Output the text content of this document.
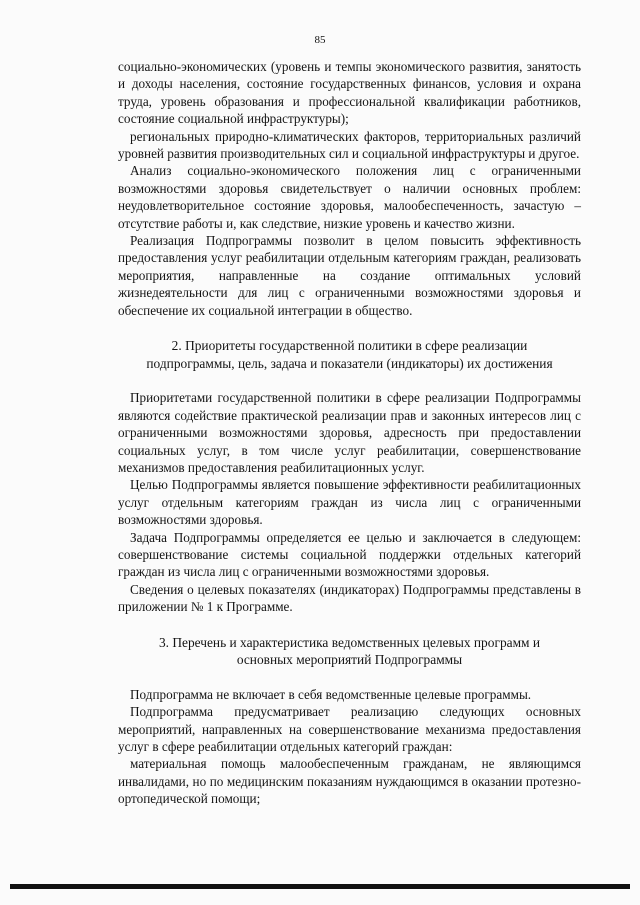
85

социально-экономических (уровень и темпы экономического развития, занятость и доходы населения, состояние государственных финансов, условия и охрана труда, уровень образования и профессиональной квалификации работников, состояние социальной инфраструктуры);

региональных природно-климатических факторов, территориальных различий уровней развития производительных сил и социальной инфраструктуры и другое.

Анализ социально-экономического положения лиц с ограниченными возможностями здоровья свидетельствует о наличии основных проблем: неудовлетворительное состояние здоровья, малообеспеченность, зачастую – отсутствие работы и, как следствие, низкие уровень и качество жизни.

Реализация Подпрограммы позволит в целом повысить эффективность предоставления услуг реабилитации отдельным категориям граждан, реализовать мероприятия, направленные на создание оптимальных условий жизнедеятельности для лиц с ограниченными возможностями здоровья и обеспечение их социальной интеграции в общество.

2. Приоритеты государственной политики в сфере реализации
подпрограммы, цель, задача и показатели (индикаторы) их достижения

Приоритетами государственной политики в сфере реализации Подпрограммы являются содействие практической реализации прав и законных интересов лиц с ограниченными возможностями здоровья, адресность при предоставлении социальных услуг, в том числе услуг реабилитации, совершенствование механизмов предоставления реабилитационных услуг.

Целью Подпрограммы является повышение эффективности реабилитационных услуг отдельным категориям граждан из числа лиц с ограниченными возможностями здоровья.

Задача Подпрограммы определяется ее целью и заключается в следующем: совершенствование системы социальной поддержки отдельных категорий граждан из числа лиц с ограниченными возможностями здоровья.

Сведения о целевых показателях (индикаторах) Подпрограммы представлены в приложении № 1 к Программе.

3. Перечень и характеристика ведомственных целевых программ и
основных мероприятий Подпрограммы

Подпрограмма не включает в себя ведомственные целевые программы.

Подпрограмма предусматривает реализацию следующих основных мероприятий, направленных на совершенствование механизма предоставления услуг в сфере реабилитации отдельных категорий граждан:

материальная помощь малообеспеченным гражданам, не являющимся инвалидами, но по медицинским показаниям нуждающимся в оказании протезно-ортопедической помощи;
